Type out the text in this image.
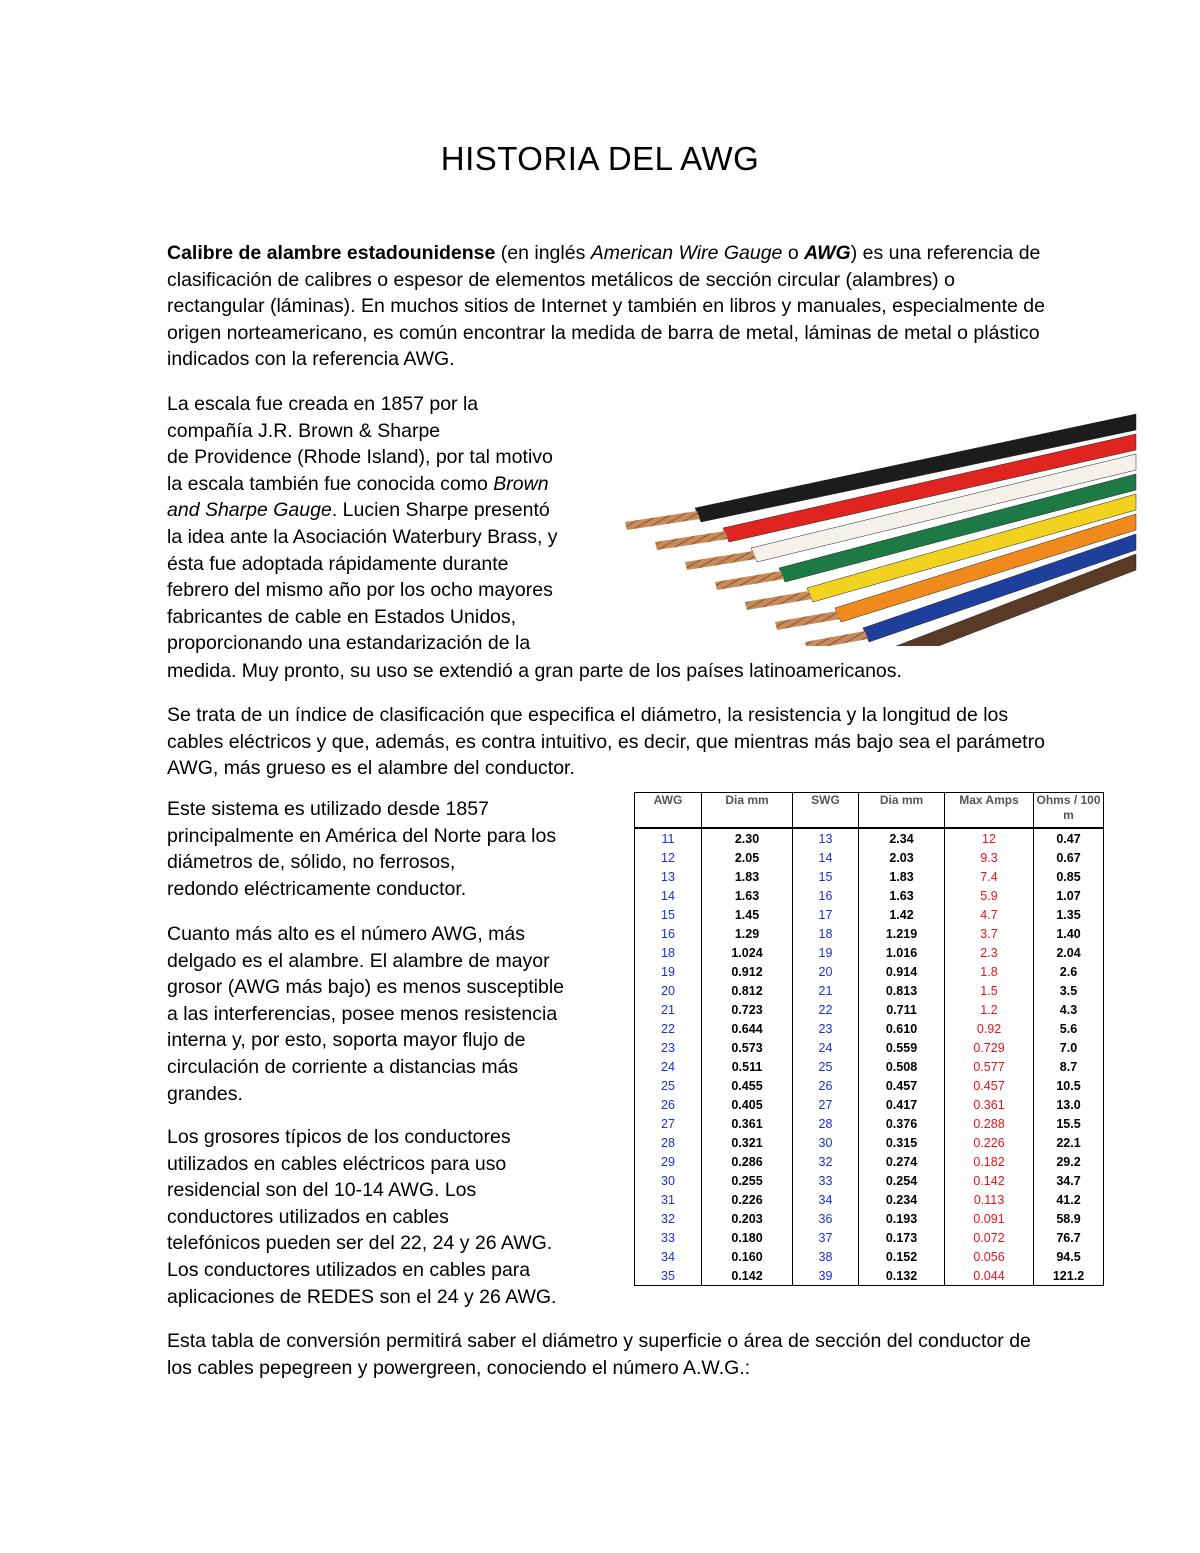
HISTORIA DEL AWG
Calibre de alambre estadounidense (en inglés American Wire Gauge o AWG) es una referencia de clasificación de calibres o espesor de elementos metálicos de sección circular (alambres) o rectangular (láminas). En muchos sitios de Internet y también en libros y manuales, especialmente de origen norteamericano, es común encontrar la medida de barra de metal, láminas de metal o plástico indicados con la referencia AWG.
La escala fue creada en 1857 por la
compañía J.R. Brown & Sharpe
de Providence (Rhode Island), por tal motivo
la escala también fue conocida como Brown
and Sharpe Gauge. Lucien Sharpe presentó
la idea ante la Asociación Waterbury Brass, y
ésta fue adoptada rápidamente durante
febrero del mismo año por los ocho mayores
fabricantes de cable en Estados Unidos,
proporcionando una estandarización de la
medida. Muy pronto, su uso se extendió a gran parte de los países latinoamericanos.
Se trata de un índice de clasificación que especifica el diámetro, la resistencia y la longitud de los cables eléctricos y que, además, es contra intuitivo, es decir, que mientras más bajo sea el parámetro AWG, más grueso es el alambre del conductor.
Este sistema es utilizado desde 1857
principalmente en América del Norte para los
diámetros de, sólido, no ferrosos,
redondo eléctricamente conductor.
Cuanto más alto es el número AWG, más
delgado es el alambre. El alambre de mayor
grosor (AWG más bajo) es menos susceptible
a las interferencias, posee menos resistencia
interna y, por esto, soporta mayor flujo de
circulación de corriente a distancias más
grandes.
Los grosores típicos de los conductores
utilizados en cables eléctricos para uso
residencial son del 10-14 AWG. Los
conductores utilizados en cables
telefónicos pueden ser del 22, 24 y 26 AWG.
Los conductores utilizados en cables para
aplicaciones de REDES son el 24 y 26 AWG.
AWG	Dia mm	SWG	Dia mm	Max Amps	Ohms / 100 m
11	2.30	13	2.34	12	0.47
12	2.05	14	2.03	9.3	0.67
13	1.83	15	1.83	7.4	0.85
14	1.63	16	1.63	5.9	1.07
15	1.45	17	1.42	4.7	1.35
16	1.29	18	1.219	3.7	1.40
18	1.024	19	1.016	2.3	2.04
19	0.912	20	0.914	1.8	2.6
20	0.812	21	0.813	1.5	3.5
21	0.723	22	0.711	1.2	4.3
22	0.644	23	0.610	0.92	5.6
23	0.573	24	0.559	0.729	7.0
24	0.511	25	0.508	0.577	8.7
25	0.455	26	0.457	0.457	10.5
26	0.405	27	0.417	0.361	13.0
27	0.361	28	0.376	0.288	15.5
28	0.321	30	0.315	0.226	22.1
29	0.286	32	0.274	0.182	29.2
30	0.255	33	0.254	0.142	34.7
31	0.226	34	0.234	0.113	41.2
32	0.203	36	0.193	0.091	58.9
33	0.180	37	0.173	0.072	76.7
34	0.160	38	0.152	0.056	94.5
35	0.142	39	0.132	0.044	121.2
Esta tabla de conversión permitirá saber el diámetro y superficie o área de sección del conductor de los cables pepegreen y powergreen, conociendo el número A.W.G.:
